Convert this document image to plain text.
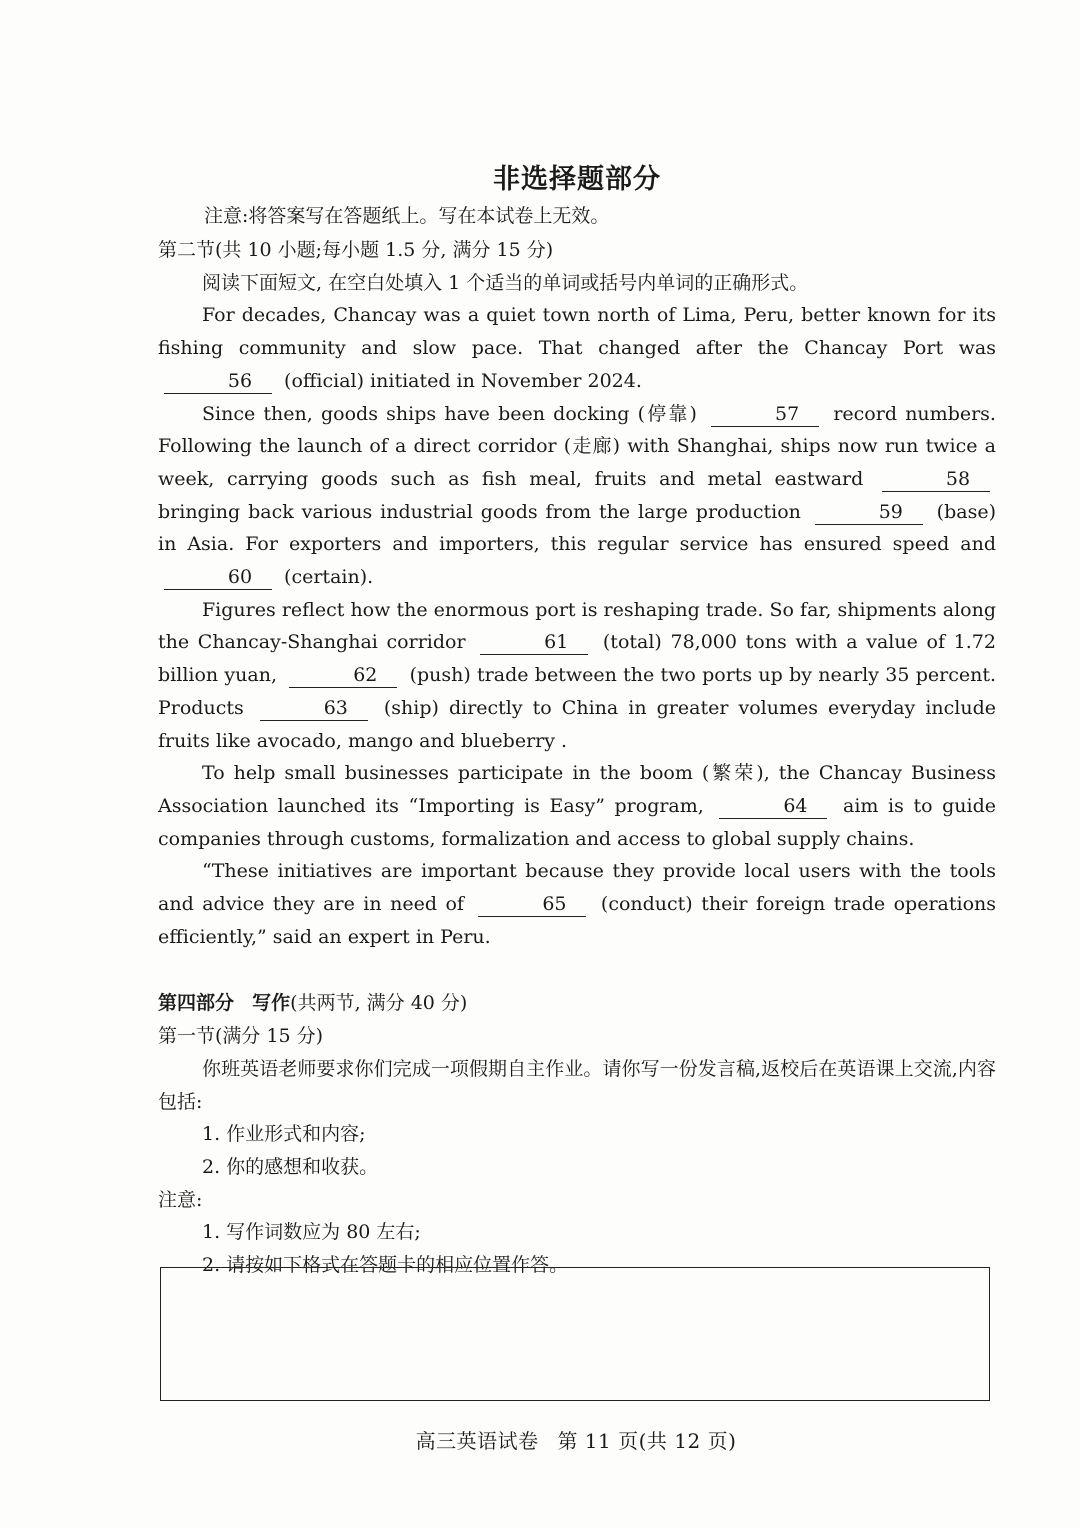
非选择题部分
注意:将答案写在答题纸上。写在本试卷上无效。
第二节(共 10 小题;每小题 1.5 分, 满分 15 分)

阅读下面短文, 在空白处填入 1 个适当的单词或括号内单词的正确形式。

For decades, Chancay was a quiet town north of Lima, Peru, better known for its fishing community and slow pace. That changed after the Chancay Port was 56 (official) initiated in November 2024.

Since then, goods ships have been docking (停靠)	57 record numbers. Following the launch of a direct corridor (走廊) with Shanghai, ships now run twice a week, carrying goods such as fish meal, fruits and metal eastward	58 bringing back various industrial goods from the large production	59 (base) in Asia. For exporters and importers, this regular service has ensured speed and 60 (certain).

Figures reflect how the enormous port is reshaping trade. So far, shipments along the Chancay-Shanghai corridor	61 (total) 78,000 tons with a value of 1.72 billion yuan,	62 (push) trade between the two ports up by nearly 35 percent. Products	63 (ship) directly to China in greater volumes everyday include fruits like avocado, mango and blueberry .

To help small businesses participate in the boom (繁荣), the Chancay Business Association launched its “Importing is Easy” program,	64 aim is to guide companies through customs, formalization and access to global supply chains.

“These initiatives are important because they provide local users with the tools and advice they are in need of	65 (conduct) their foreign trade operations efficiently,” said an expert in Peru.

第四部分 写作(共两节, 满分 40 分)
第一节(满分 15 分)

你班英语老师要求你们完成一项假期自主作业。请你写一份发言稿,返校后在英语课上交流,内容包括:

1. 作业形式和内容;
2. 你的感想和收获。
注意:
1. 写作词数应为 80 左右;
2. 请按如下格式在答题卡的相应位置作答。
高三英语试卷 第 11 页(共 12 页)
